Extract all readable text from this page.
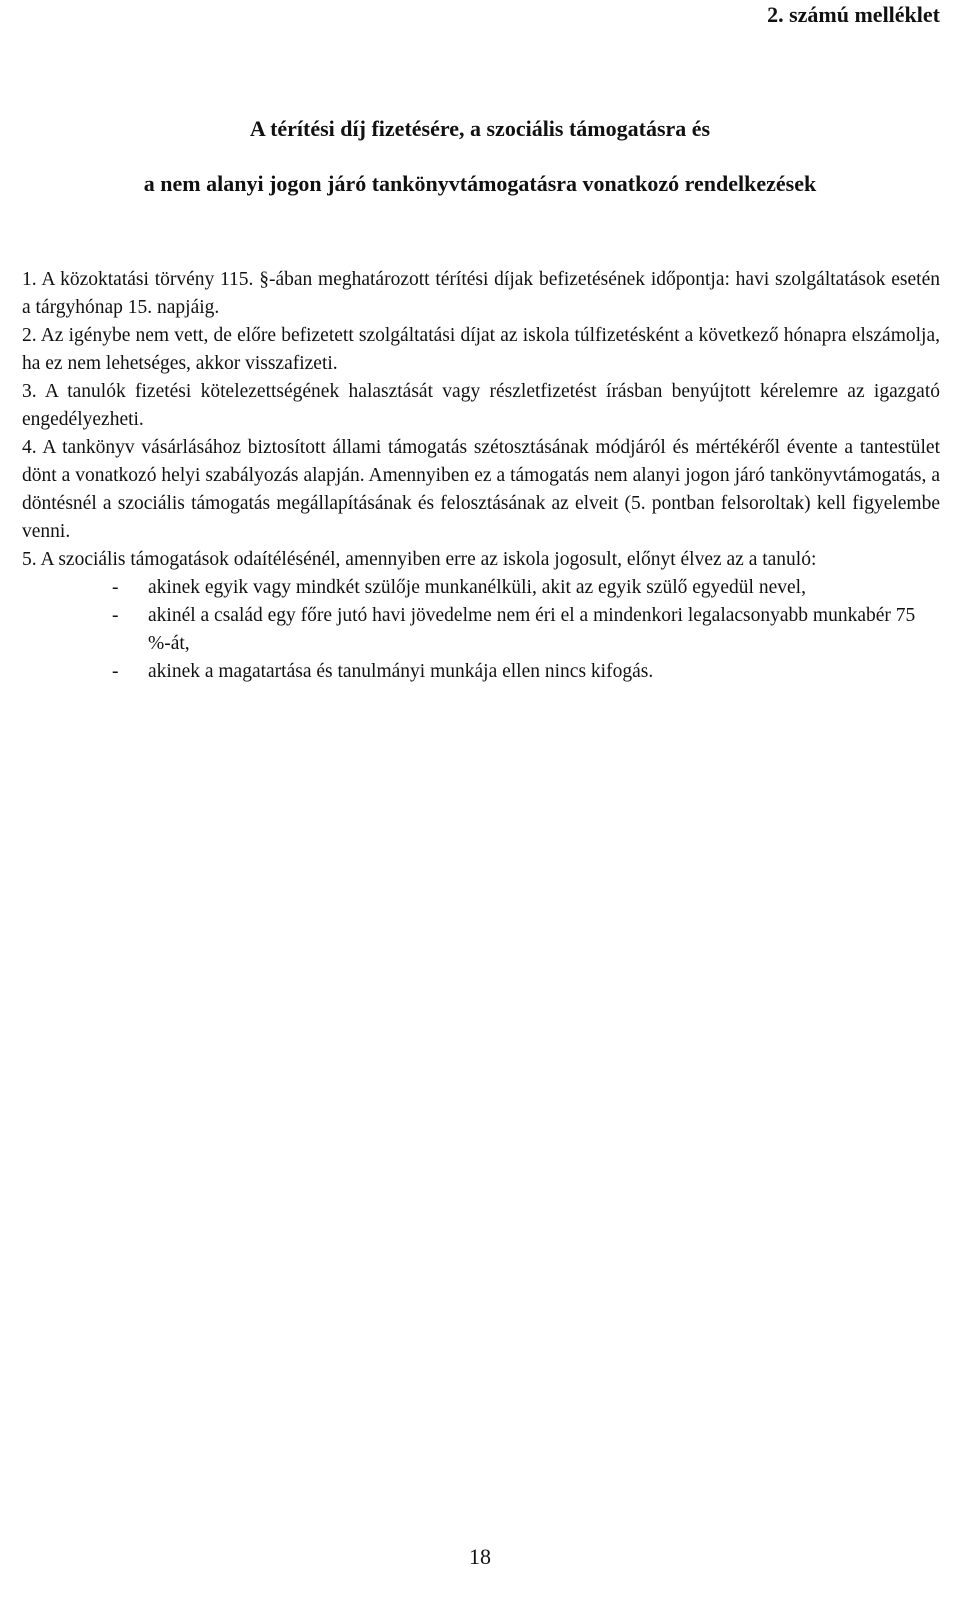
2. számú melléklet
A térítési díj fizetésére, a szociális támogatásra és
a nem alanyi jogon járó tankönyvtámogatásra vonatkozó rendelkezések

1. A közoktatási törvény 115. §-ában meghatározott térítési díjak befizetésének időpontja: havi szolgáltatások esetén a tárgyhónap 15. napjáig.

2. Az igénybe nem vett, de előre befizetett szolgáltatási díjat az iskola túlfizetésként a következő hónapra elszámolja, ha ez nem lehetséges, akkor visszafizeti.

3. A tanulók fizetési kötelezettségének halasztását vagy részletfizetést írásban benyújtott kérelemre az igazgató engedélyezheti.

4. A tankönyv vásárlásához biztosított állami támogatás szétosztásának módjáról és mértékéről évente a tantestület dönt a vonatkozó helyi szabályozás alapján. Amennyiben ez a támogatás nem alanyi jogon járó tankönyvtámogatás, a döntésnél a szociális támogatás megállapításának és felosztásának az elveit (5. pontban felsoroltak) kell figyelembe venni.

5. A szociális támogatások odaítélésénél, amennyiben erre az iskola jogosult, előnyt élvez az a tanuló:

- akinek egyik vagy mindkét szülője munkanélküli, akit az egyik szülő egyedül nevel,
- akinél a család egy főre jutó havi jövedelme nem éri el a mindenkori legalacsonyabb munkabér 75 %-át,
- akinek a magatartása és tanulmányi munkája ellen nincs kifogás.
18
